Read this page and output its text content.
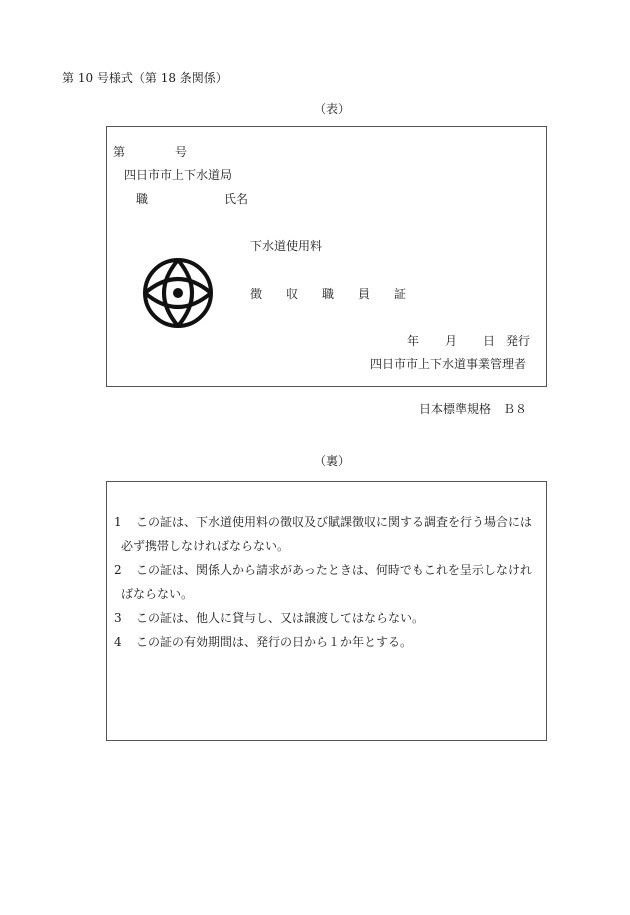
第 10 号様式（第 18 条関係）
（表）
第	号
四日市市上下水道局
職	氏名
下水道使用料
徴 収 職 員 証
年 月 日 発行
四日市市上下水道事業管理者
日本標準規格　Ｂ８
（裏）
1 この証は、下水道使用料の徴収及び賦課徴収に関する調査を行う場合には
必ず携帯しなければならない。
2 この証は、関係人から請求があったときは、何時でもこれを呈示しなけれ
ばならない。
3 この証は、他人に貸与し、又は譲渡してはならない。
4 この証の有効期間は、発行の日から１か年とする。
